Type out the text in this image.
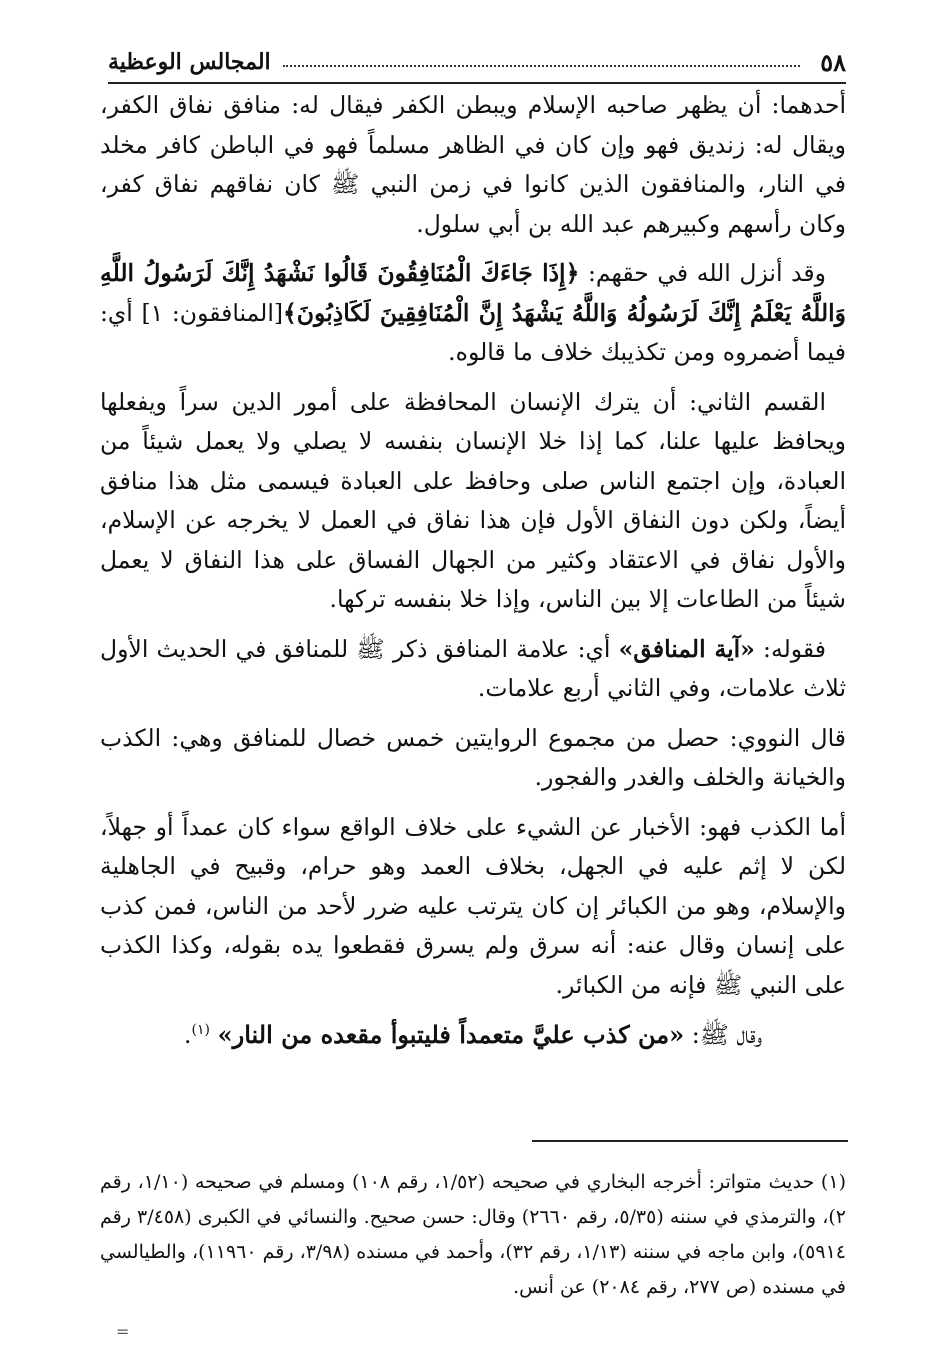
٥٨
المجالس الوعظية

أحدهما: أن يظهر صاحبه الإسلام ويبطن الكفر فيقال له: منافق نفاق الكفر، ويقال له: زنديق فهو وإن كان في الظاهر مسلماً فهو في الباطن كافر مخلد في النار، والمنافقون الذين كانوا في زمن النبي ﷺ كان نفاقهم نفاق كفر، وكان رأسهم وكبيرهم عبد الله بن أبي سلول.

وقد أنزل الله في حقهم: ﴿إِذَا جَاءَكَ الْمُنَافِقُونَ قَالُوا نَشْهَدُ إِنَّكَ لَرَسُولُ اللَّهِ وَاللَّهُ يَعْلَمُ إِنَّكَ لَرَسُولُهُ وَاللَّهُ يَشْهَدُ إِنَّ الْمُنَافِقِينَ لَكَاذِبُونَ﴾[المنافقون: ١] أي: فيما أضمروه ومن تكذيبك خلاف ما قالوه.

القسم الثاني: أن يترك الإنسان المحافظة على أمور الدين سراً ويفعلها ويحافظ عليها علنا، كما إذا خلا الإنسان بنفسه لا يصلي ولا يعمل شيئاً من العبادة، وإن اجتمع الناس صلى وحافظ على العبادة فيسمى مثل هذا منافق أيضاً، ولكن دون النفاق الأول فإن هذا نفاق في العمل لا يخرجه عن الإسلام، والأول نفاق في الاعتقاد وكثير من الجهال الفساق على هذا النفاق لا يعمل شيئاً من الطاعات إلا بين الناس، وإذا خلا بنفسه تركها.

فقوله: «آية المنافق» أي: علامة المنافق ذكر ﷺ للمنافق في الحديث الأول ثلاث علامات، وفي الثاني أربع علامات.

قال النووي: حصل من مجموع الروايتين خمس خصال للمنافق وهي: الكذب والخيانة والخلف والغدر والفجور.

أما الكذب فهو: الأخبار عن الشيء على خلاف الواقع سواء كان عمداً أو جهلاً، لكن لا إثم عليه في الجهل، بخلاف العمد وهو حرام، وقبيح في الجاهلية والإسلام، وهو من الكبائر إن كان يترتب عليه ضرر لأحد من الناس، فمن كذب على إنسان وقال عنه: أنه سرق ولم يسرق فقطعوا يده بقوله، وكذا الكذب على النبي ﷺ فإنه من الكبائر.

وقال ﷺ: «من كذب عليَّ متعمداً فليتبوأ مقعده من النار» $^{(١)}$.

(١) حديث متواتر: أخرجه البخاري في صحيحه (١/٥٢، رقم ١٠٨) ومسلم في صحيحه (١/١٠، رقم ٢)، والترمذي في سننه (٥/٣٥، رقم ٢٦٦٠) وقال: حسن صحيح. والنسائي في الكبرى (٣/٤٥٨ رقم ٥٩١٤)، وابن ماجه في سننه (١/١٣، رقم ٣٢)، وأحمد في مسنده (٣/٩٨، رقم ١١٩٦٠)، والطيالسي في مسنده (ص ٢٧٧، رقم ٢٠٨٤) عن أنس.

=
